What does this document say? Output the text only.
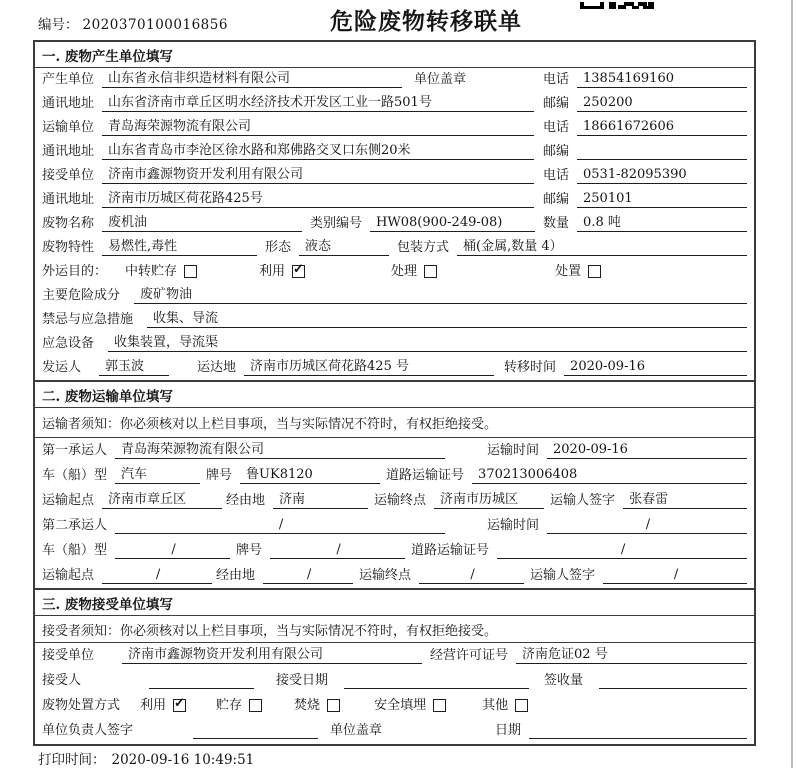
编号： 2020370100016856	危险废物转移联单
一. 废物产生单位填写
产生单位	山东省永信非织造材料有限公司	单位盖章	电话	13854169160
通讯地址	山东省济南市章丘区明水经济技术开发区工业一路501号	邮编	250200
运输单位	青岛海荣源物流有限公司	电话	18661672606
通讯地址	山东省青岛市李沧区徐水路和郑佛路交叉口东侧20米	邮编
接受单位	济南市鑫源物资开发利用有限公司	电话	0531-82095390
通讯地址	济南市历城区荷花路425号	邮编	250101
废物名称	废机油	类别编号	HW08(900-249-08)	数量	0.8 吨
废物特性	易燃性,毒性	形态	液态	包装方式	桶(金属,数量 4）
外运目的： 中转贮存	利用 ✓	处理	处置
主要危险成分	废矿物油
禁忌与应急措施	收集、导流
应急设备	收集装置，导流渠
发运人	郭玉波	运达地	济南市历城区荷花路425 号	转移时间	2020-09-16
二. 废物运输单位填写
运输者须知：你必须核对以上栏目事项，当与实际情况不符时，有权拒绝接受。
第一承运人	青岛海荣源物流有限公司	运输时间	2020-09-16
车（船）型	汽车	牌号	鲁UK8120	道路运输证号	370213006408
运输起点	济南市章丘区	经由地	济南	运输终点	济南市历城区	运输人签字	张春雷
第二承运人	/	运输时间	/
车（船）型	/	牌号	/	道路运输证号	/
运输起点	/	经由地	/	运输终点	/	运输人签字	/
三. 废物接受单位填写
接受者须知：你必须核对以上栏目事项，当与实际情况不符时，有权拒绝接受。
接受单位	济南市鑫源物资开发利用有限公司	经营许可证号	济南危证02 号
接受人	接受日期	签收量
废物处置方式 利用 ✓	贮存	焚烧	安全填埋	其他
单位负责人签字	单位盖章	日期
打印时间： 2020-09-16 10:49:51
